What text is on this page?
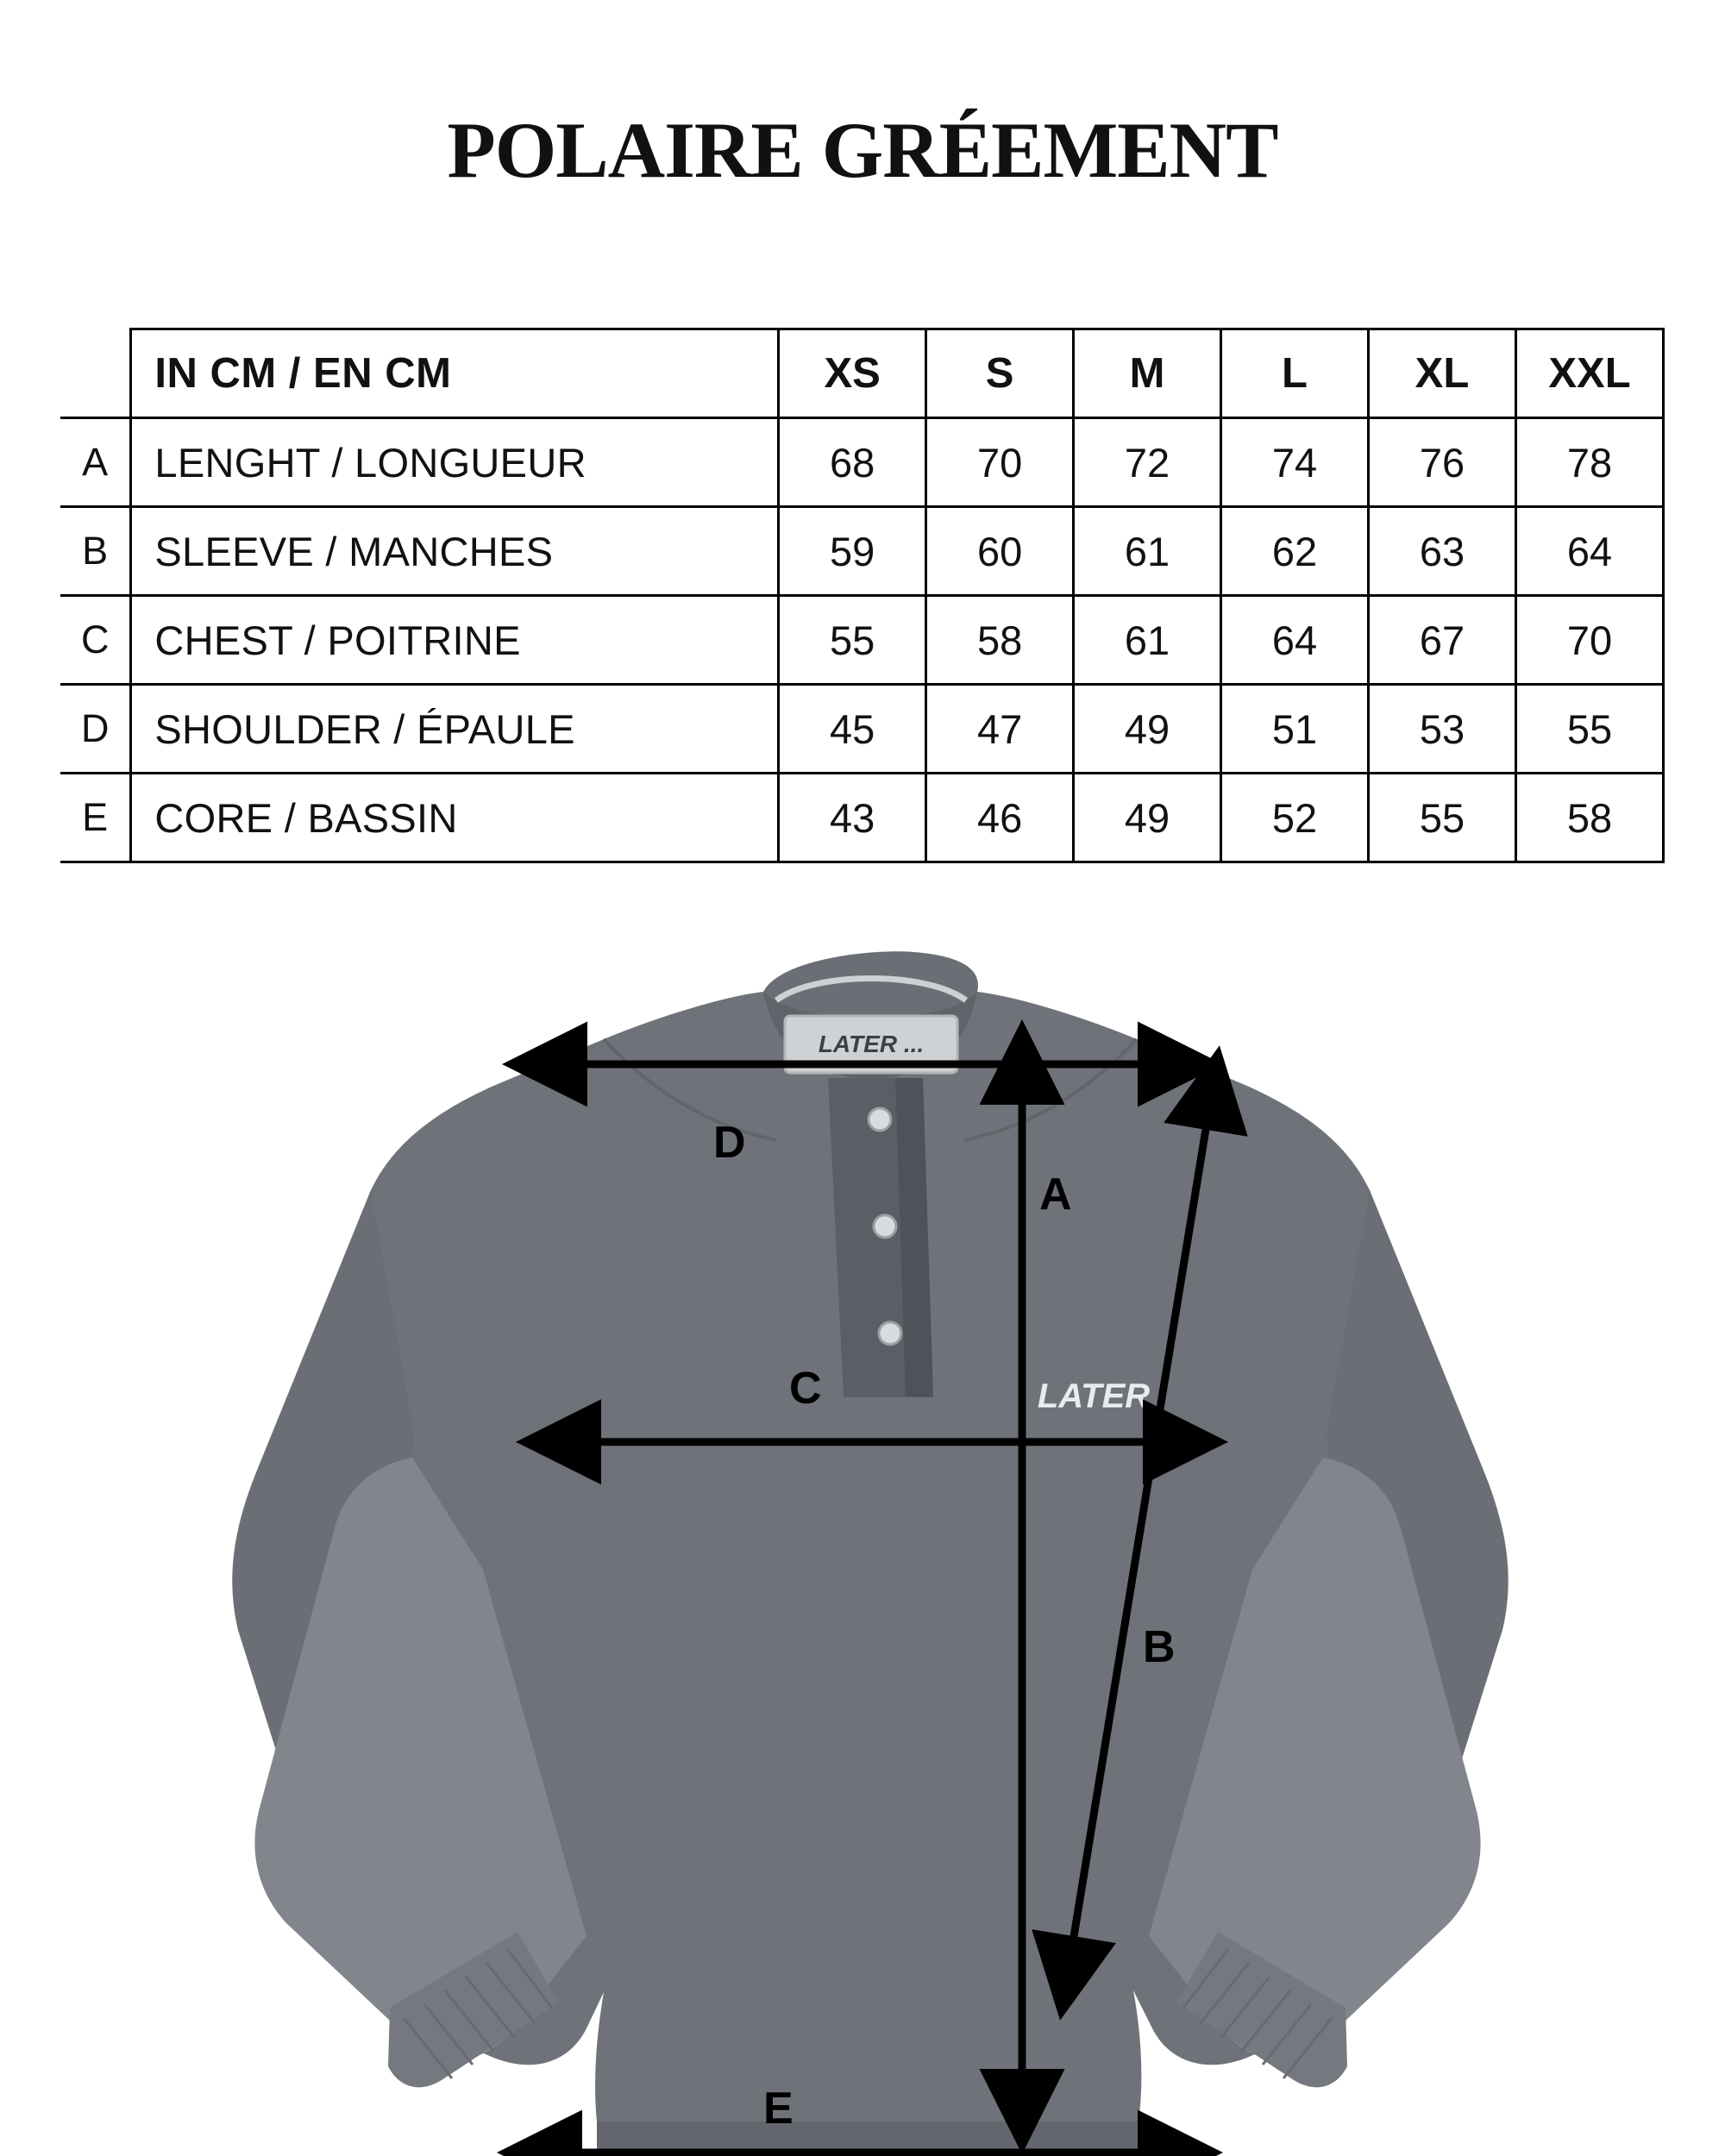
POLAIRE GRÉEMENT
	IN CM / EN CM	XS	S	M	L	XL	XXL
A	LENGHT / LONGUEUR	68	70	72	74	76	78
B	SLEEVE / MANCHES	59	60	61	62	63	64
C	CHEST / POITRINE	55	58	61	64	67	70
D	SHOULDER / ÉPAULE	45	47	49	51	53	55
E	CORE / BASSIN	43	46	49	52	55	58
LATER ...
LATER
D
A
C
B
E
